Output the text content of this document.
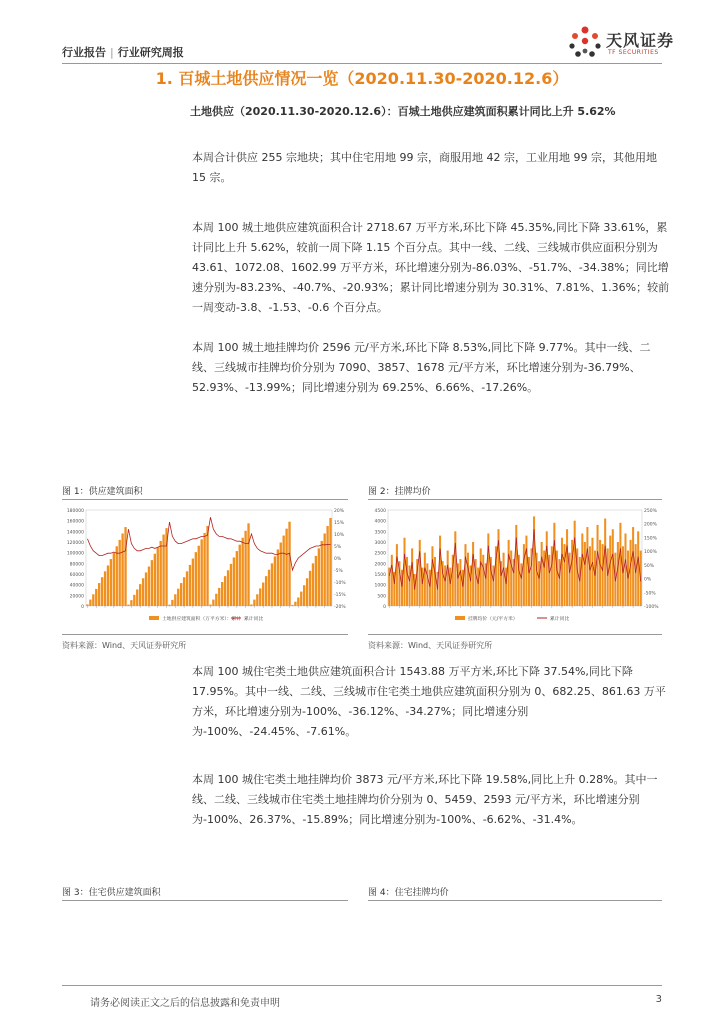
行业报告 | 行业研究周报
天风证券
TF SECURITIES
1. 百城土地供应情况一览（2020.11.30-2020.12.6）
土地供应（2020.11.30-2020.12.6）：百城土地供应建筑面积累计同比上升 5.62%

本周合计供应 255 宗地块；其中住宅用地 99 宗，商服用地 42 宗，工业用地 99 宗，其他用地 15 宗。

本周 100 城土地供应建筑面积合计 2718.67 万平方米,环比下降 45.35%,同比下降 33.61%，累计同比上升 5.62%，较前一周下降 1.15 个百分点。其中一线、二线、三线城市供应面积分别为 43.61、1072.08、1602.99 万平方米，环比增速分别为-86.03%、-51.7%、-34.38%；同比增速分别为-83.23%、-40.7%、-20.93%；累计同比增速分别为 30.31%、7.81%、1.36%；较前一周变动-3.8、-1.53、-0.6 个百分点。

本周 100 城土地挂牌均价 2596 元/平方米,环比下降 8.53%,同比下降 9.77%。其中一线、二线、三线城市挂牌均价分别为 7090、3857、1678 元/平方米，环比增速分别为-36.79%、52.93%、-13.99%；同比增速分别为 69.25%、6.66%、-17.26%。

图 1：供应建筑面积	图 2：挂牌均价
0
20000
40000
60000
80000
100000
120000
140000
160000
180000
-20%
-15%
-10%
-5%
0%
5%
10%
15%
20%
土地供应建筑面积（万平方米）：累计 累计同比
0
500
1000
1500
2000
2500
3000
3500
4000
4500
-100%
-50%
0%
50%
100%
150%
200%
250%
挂牌均价（元/平方米）	累计同比
资料来源：Wind、天风证券研究所	资料来源：Wind、天风证券研究所

本周 100 城住宅类土地供应建筑面积合计 1543.88 万平方米,环比下降 37.54%,同比下降 17.95%。其中一线、二线、三线城市住宅类土地供应建筑面积分别为 0、682.25、861.63 万平方米，环比增速分别为-100%、-36.12%、-34.27%；同比增速分别为-100%、-24.45%、-7.61%。

本周 100 城住宅类土地挂牌均价 3873 元/平方米,环比下降 19.58%,同比上升 0.28%。其中一线、二线、三线城市住宅类土地挂牌均价分别为 0、5459、2593 元/平方米，环比增速分别为-100%、26.37%、-15.89%；同比增速分别为-100%、-6.62%、-31.4%。

图 3：住宅供应建筑面积	图 4：住宅挂牌均价
请务必阅读正文之后的信息披露和免责申明	3
